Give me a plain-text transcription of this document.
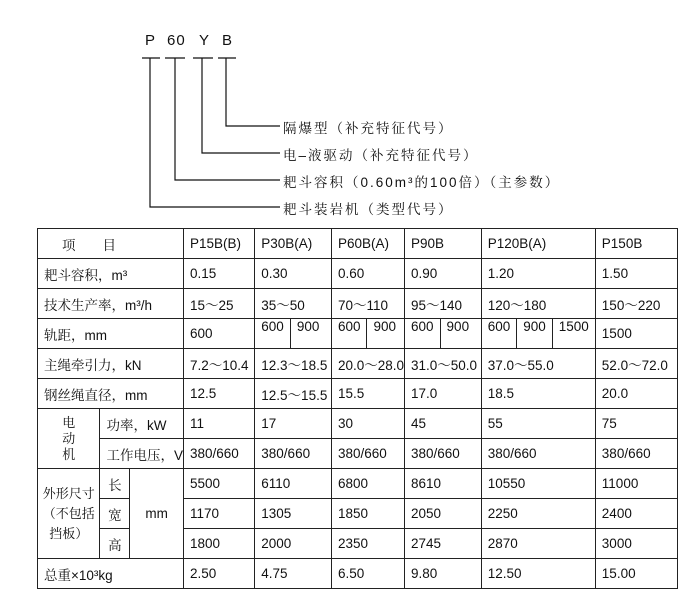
P 60 Y B
隔爆型（补充特征代号）
电–液驱动（补充特征代号）
耙斗容积（0.60m³的100倍）（主参数）
耙斗装岩机（类型代号）
项　　目			P15B(B)	P30B(A)	P60B(A)	P90B	P120B(A)	P150B
耙斗容积，m³			0.15	0.30	0.60	0.90	1.20	1.50
技术生产率，m³/h			15～25	35～50	70～110	95～140	120～180	150～220
轨距，mm			600	600 900	600 900	600 900	600 900 1500	1500
主绳牵引力，kN			7.2～10.4	12.3～18.5	20.0～28.0	31.0～50.0	37.0～55.0	52.0～72.0
钢丝绳直径，mm			12.5	12.5～15.5	15.5	17.0	18.5	20.0

电动机	功率，kW		11	17	30	45	55	75
	工作电压，V		380/660	380/660	380/660	380/660	380/660	380/660
外形尺寸（不包括挡板）	长	mm	5500	6110	6800	8610	10550	11000
	宽		1170	1305	1850	2050	2250	2400
	高		1800	2000	2350	2745	2870	3000
总重×10³kg			2.50	4.75	6.50	9.80	12.50	15.00
